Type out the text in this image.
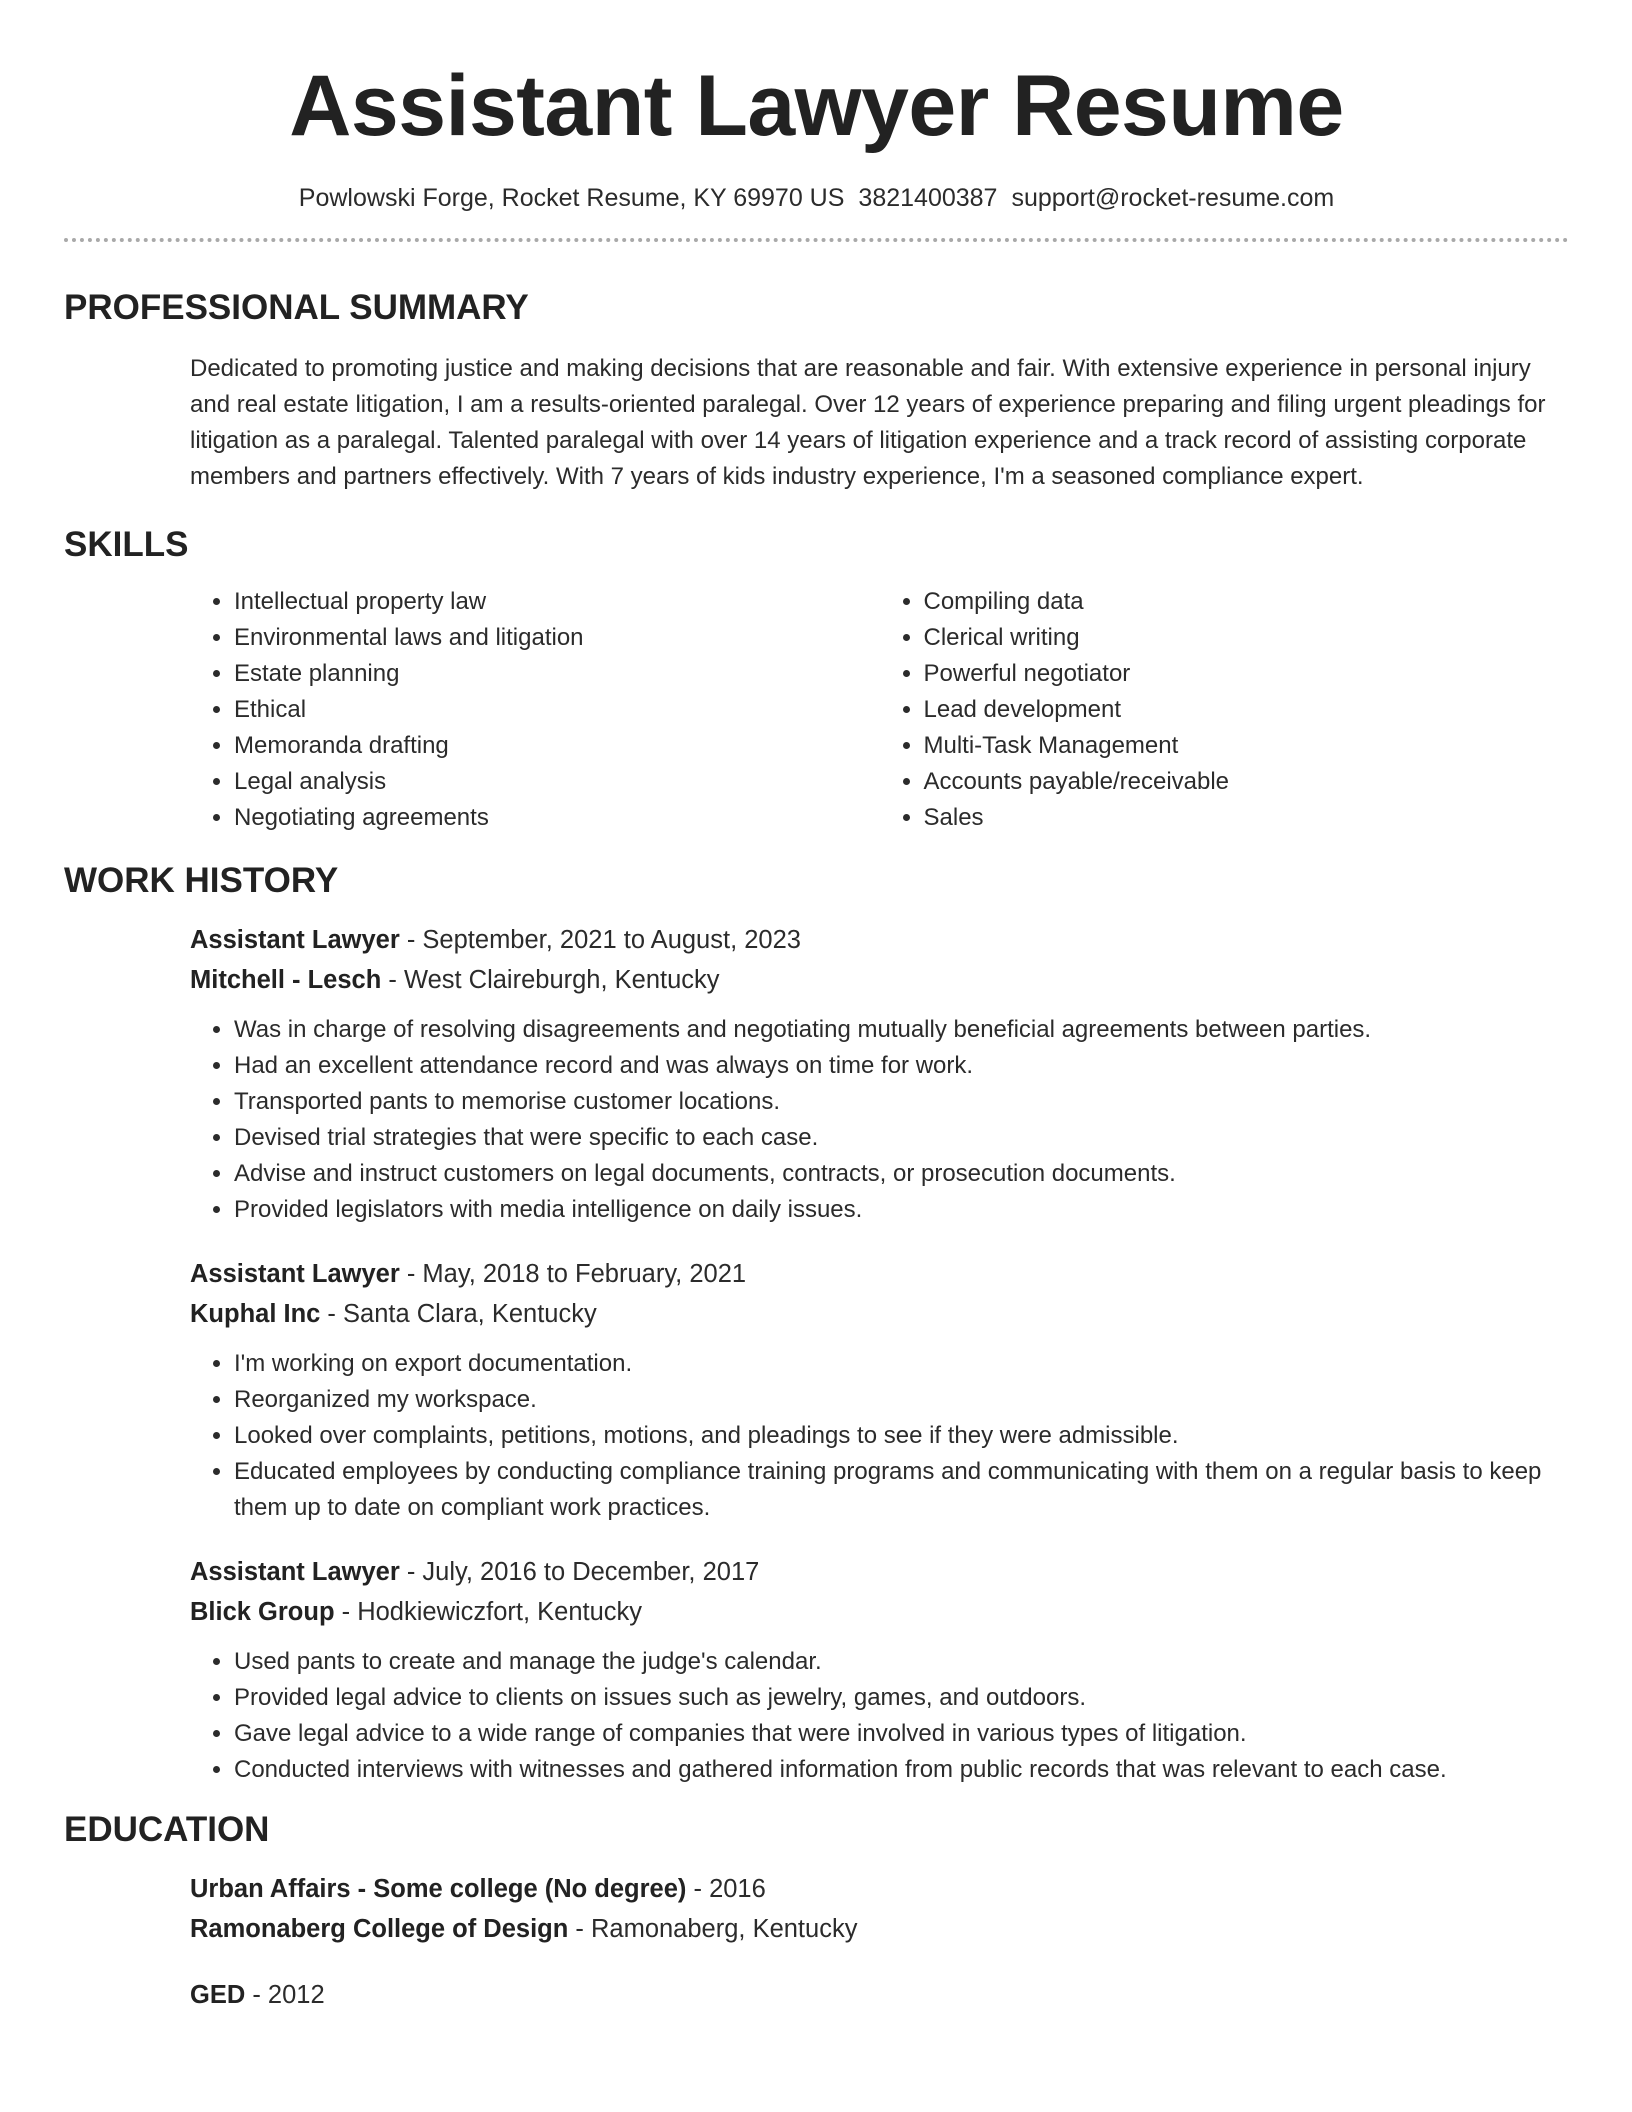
Assistant Lawyer Resume
Powlowski Forge, Rocket Resume, KY 69970 US 3821400387 support@rocket-resume.com
PROFESSIONAL SUMMARY
Dedicated to promoting justice and making decisions that are reasonable and fair. With extensive experience in personal injury and real estate litigation, I am a results-oriented paralegal. Over 12 years of experience preparing and filing urgent pleadings for litigation as a paralegal. Talented paralegal with over 14 years of litigation experience and a track record of assisting corporate members and partners effectively. With 7 years of kids industry experience, I'm a seasoned compliance expert.
SKILLS
• Intellectual property law
• Environmental laws and litigation
• Estate planning
• Ethical
• Memoranda drafting
• Legal analysis
• Negotiating agreements
• Compiling data
• Clerical writing
• Powerful negotiator
• Lead development
• Multi-Task Management
• Accounts payable/receivable
• Sales
WORK HISTORY
Assistant Lawyer - September, 2021 to August, 2023
Mitchell - Lesch - West Claireburgh, Kentucky
• Was in charge of resolving disagreements and negotiating mutually beneficial agreements between parties.
• Had an excellent attendance record and was always on time for work.
• Transported pants to memorise customer locations.
• Devised trial strategies that were specific to each case.
• Advise and instruct customers on legal documents, contracts, or prosecution documents.
• Provided legislators with media intelligence on daily issues.
Assistant Lawyer - May, 2018 to February, 2021
Kuphal Inc - Santa Clara, Kentucky
• I'm working on export documentation.
• Reorganized my workspace.
• Looked over complaints, petitions, motions, and pleadings to see if they were admissible.
• Educated employees by conducting compliance training programs and communicating with them on a regular basis to keep them up to date on compliant work practices.
Assistant Lawyer - July, 2016 to December, 2017
Blick Group - Hodkiewiczfort, Kentucky
• Used pants to create and manage the judge's calendar.
• Provided legal advice to clients on issues such as jewelry, games, and outdoors.
• Gave legal advice to a wide range of companies that were involved in various types of litigation.
• Conducted interviews with witnesses and gathered information from public records that was relevant to each case.
EDUCATION
Urban Affairs - Some college (No degree) - 2016
Ramonaberg College of Design - Ramonaberg, Kentucky
GED - 2012
